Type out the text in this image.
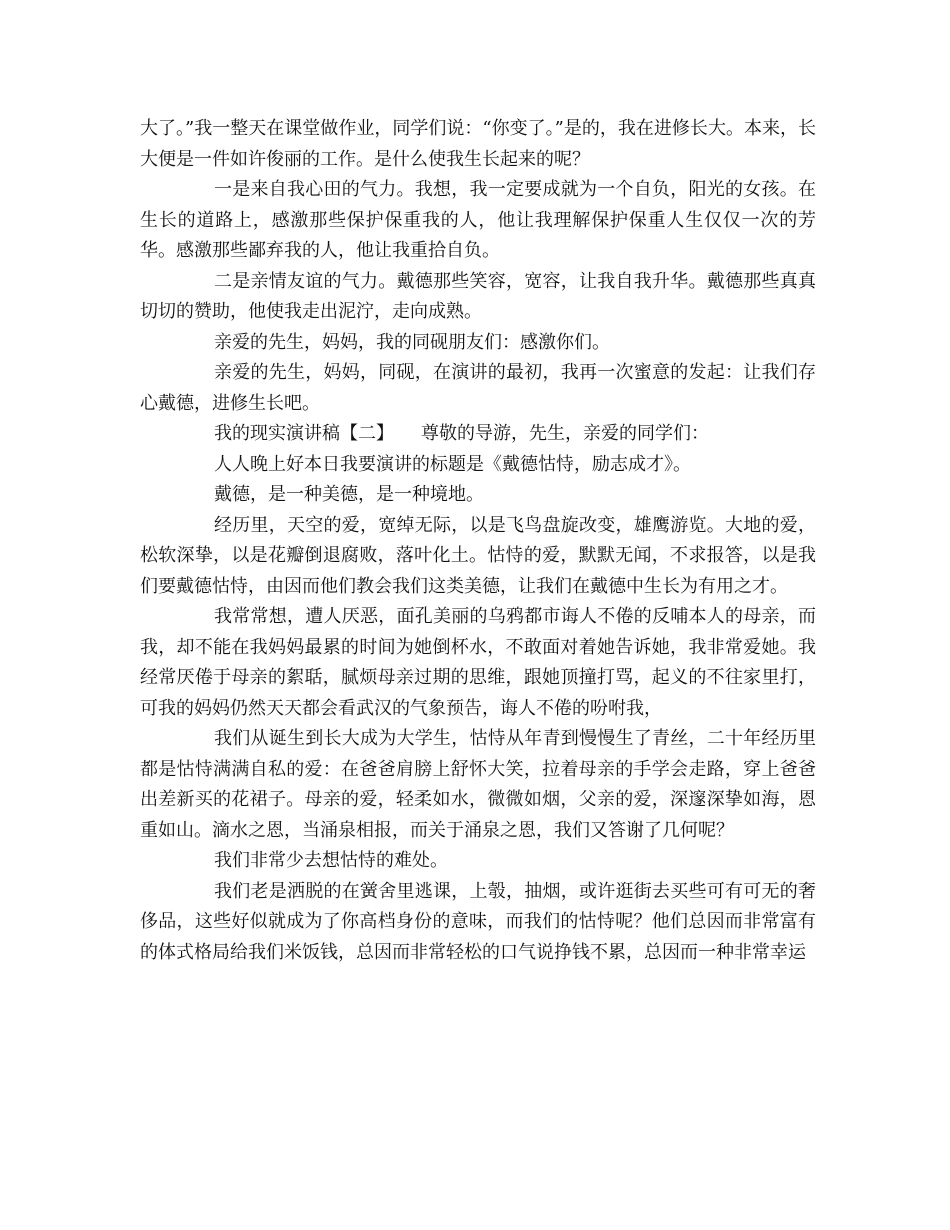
大了。”我一整天在课堂做作业，同学们说：“你变了。”是的，我在进修长大。本来，长大便是一件如许俊丽的工作。是什么使我生长起来的呢？

一是来自我心田的气力。我想，我一定要成就为一个自负，阳光的女孩。在生长的道路上，感激那些保护保重我的人，他让我理解保护保重人生仅仅一次的芳华。感激那些鄙弃我的人，他让我重拾自负。

二是亲情友谊的气力。戴德那些笑容，宽容，让我自我升华。戴德那些真真切切的赞助，他使我走出泥泞，走向成熟。

亲爱的先生，妈妈，我的同砚朋友们：感激你们。

亲爱的先生，妈妈，同砚，在演讲的最初，我再一次蜜意的发起：让我们存心戴德，进修生长吧。

我的现实演讲稿【二】　　尊敬的导游，先生，亲爱的同学们：

人人晚上好本日我要演讲的标题是《戴德怙恃，励志成才》。

戴德，是一种美德，是一种境地。

经历里，天空的爱，宽绰无际，以是飞鸟盘旋改变，雄鹰游览。大地的爱，松软深挚，以是花瓣倒退腐败，落叶化土。怙恃的爱，默默无闻，不求报答，以是我们要戴德怙恃，由因而他们教会我们这类美德，让我们在戴德中生长为有用之才。

我常常想，遭人厌恶，面孔美丽的乌鸦都市诲人不倦的反哺本人的母亲，而我，却不能在我妈妈最累的时间为她倒杯水，不敢面对着她告诉她，我非常爱她。我经常厌倦于母亲的絮聒，腻烦母亲过期的思维，跟她顶撞打骂，起义的不往家里打，可我的妈妈仍然天天都会看武汉的气象预告，诲人不倦的吩咐我，

我们从诞生到长大成为大学生，怙恃从年青到慢慢生了青丝，二十年经历里都是怙恃满满自私的爱：在爸爸肩膀上舒怀大笑，拉着母亲的手学会走路，穿上爸爸出差新买的花裙子。母亲的爱，轻柔如水，微微如烟，父亲的爱，深邃深挚如海，恩重如山。滴水之恩，当涌泉相报，而关于涌泉之恩，我们又答谢了几何呢？

我们非常少去想怙恃的难处。

我们老是洒脱的在黉舍里逃课，上彀，抽烟，或许逛街去买些可有可无的奢侈品，这些好似就成为了你高档身份的意味，而我们的怙恃呢？他们总因而非常富有的体式格局给我们米饭钱，总因而非常轻松的口气说挣钱不累，总因而一种非常幸运
